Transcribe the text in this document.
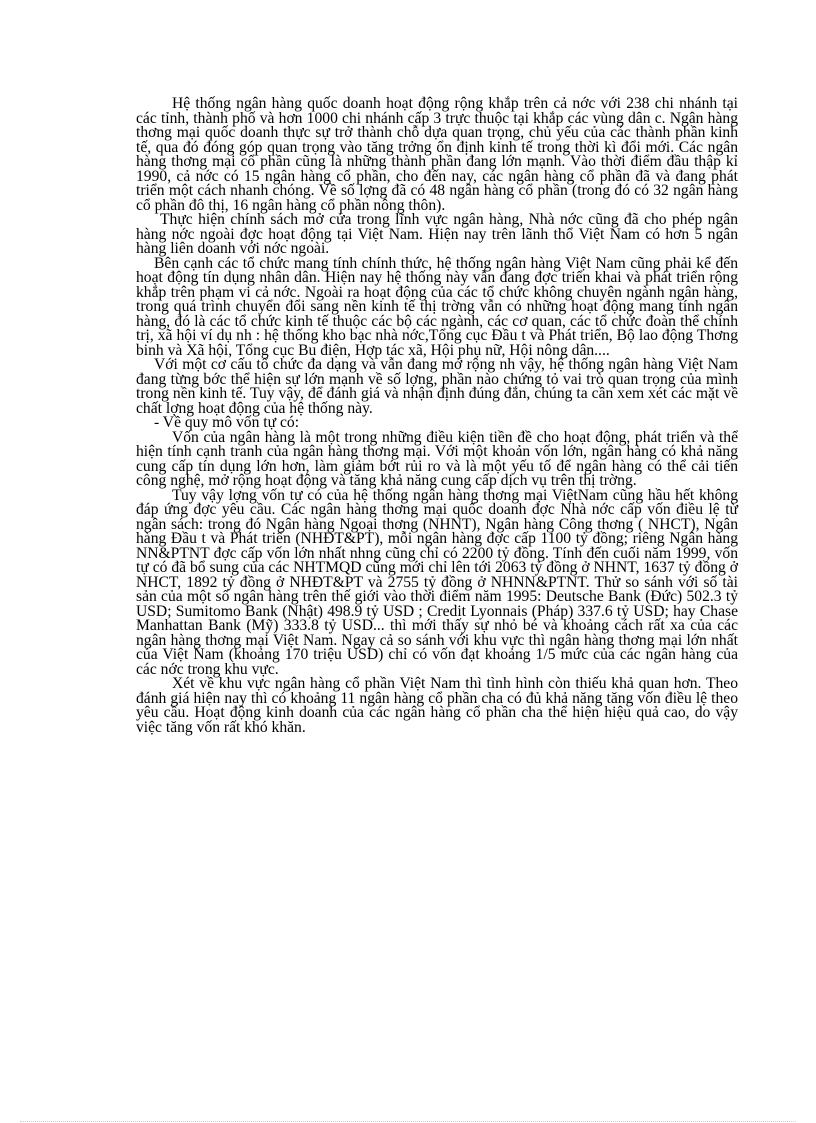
Hệ thống ngân hàng quốc doanh hoạt động rộng khắp trên cả nớc với 238 chi nhánh tại các tỉnh, thành phố và hơn 1000 chi nhánh cấp 3 trực thuộc tại khắp các vùng dân c. Ngân hàng thơng mại quốc doanh thực sự trở thành chỗ dựa quan trọng, chủ yếu của các thành phần kinh tế, qua đó đóng góp quan trọng vào tăng trởng ổn định kinh tế trong thời kì đổi mới. Các ngân hàng thơng mại cổ phần cũng là những thành phần đang lớn mạnh. Vào thời điểm đầu thập kỉ 1990, cả nớc có 15 ngân hàng cổ phần, cho đến nay, các ngân hàng cổ phần đã và đang phát triển một cách nhanh chóng. Về số lợng đã có 48 ngân hàng cổ phần (trong đó có 32 ngân hàng cổ phần đô thị, 16 ngân hàng cổ phần nông thôn).

Thực hiện chính sách mở cửa trong lĩnh vực ngân hàng, Nhà nớc cũng đã cho phép ngân hàng nớc ngoài đợc hoạt động tại Việt Nam. Hiện nay trên lãnh thổ Việt Nam có hơn 5 ngân hàng liên doanh với nớc ngoài.

Bên cạnh các tổ chức mang tính chính thức, hệ thống ngân hàng Việt Nam cũng phải kể đến hoạt động tín dụng nhân dân. Hiện nay hệ thống này vẫn đang đợc triển khai và phát triển rộng khắp trên phạm vi cả nớc. Ngoài ra hoạt động của các tổ chức không chuyên ngành ngân hàng, trong quá trình chuyển đổi sang nền kinh tế thị trờng vẫn có những hoạt động mang tính ngân hàng, đó là các tổ chức kinh tế thuộc các bộ các ngành, các cơ quan, các tổ chức đoàn thể chính trị, xã hội ví dụ nh : hệ thống kho bạc nhà nớc,Tổng cục Đầu t và Phát triển, Bộ lao động Thơng binh và Xã hội, Tổng cục Bu điện, Hợp tác xã, Hội phụ nữ, Hội nông dân....

Với một cơ cấu tổ chức đa dạng và vẫn đang mở rộng nh vậy, hệ thống ngân hàng Việt Nam đang từng bớc thể hiện sự lớn mạnh về số lợng, phần nào chứng tỏ vai trò quan trọng của mình trong nền kinh tế. Tuy vậy, để đánh giá và nhận định đúng đắn, chúng ta cần xem xét các mặt về chất lợng hoạt động của hệ thống này.

- Về quy mô vốn tự có:

Vốn của ngân hàng là một trong những điều kiện tiền đề cho hoạt động, phát triển và thể hiện tính cạnh tranh của ngân hàng thơng mại. Với một khoản vốn lớn, ngân hàng có khả năng cung cấp tín dụng lớn hơn, làm giảm bớt rủi ro và là một yếu tố để ngân hàng có thể cải tiến công nghệ, mở rộng hoạt động và tăng khả năng cung cấp dịch vụ trên thị trờng.

Tuy vậy lợng vốn tự có của hệ thống ngân hàng thơng mại ViệtNam cũng hầu hết không đáp ứng đợc yêu cầu. Các ngân hàng thơng mại quốc doanh đợc Nhà nớc cấp vốn điều lệ từ ngân sách: trong đó Ngân hàng Ngoại thơng (NHNT), Ngân hàng Công thơng ( NHCT), Ngân hàng Đầu t và Phát triển (NHĐT&PT), mỗi ngân hàng đợc cấp 1100 tỷ đồng; riêng Ngân hàng NN&PTNT đợc cấp vốn lớn nhất nhng cũng chỉ có 2200 tỷ đồng. Tính đến cuối năm 1999, vốn tự có đã bổ sung của các NHTMQD cũng mới chỉ lên tới 2063 tỷ đồng ở NHNT, 1637 tỷ đồng ở NHCT, 1892 tỷ đồng ở NHĐT&PT và 2755 tỷ đồng ở NHNN&PTNT. Thử so sánh với số tài sản của một số ngân hàng trên thế giới vào thời điểm năm 1995: Deutsche Bank (Đức) 502.3 tỷ USD; Sumitomo Bank (Nhật) 498.9 tỷ USD ; Credit Lyonnais (Pháp) 337.6 tỷ USD; hay Chase Manhattan Bank (Mỹ) 333.8 tỷ USD... thì mới thấy sự nhỏ bé và khoảng cách rất xa của các ngân hàng thơng mại Việt Nam. Ngay cả so sánh với khu vực thì ngân hàng thơng mại lớn nhất của Việt Nam (khoảng 170 triệu USD) chỉ có vốn đạt khoảng 1/5 mức của các ngân hàng của các nớc trong khu vực.

Xét về khu vực ngân hàng cổ phần Việt Nam thì tình hình còn thiếu khả quan hơn. Theo đánh giá hiện nay thì có khoảng 11 ngân hàng cổ phần cha có đủ khả năng tăng vốn điều lệ theo yêu cầu. Hoạt động kinh doanh của các ngân hàng cổ phần cha thể hiện hiệu quả cao, do vậy việc tăng vốn rất khó khăn.
